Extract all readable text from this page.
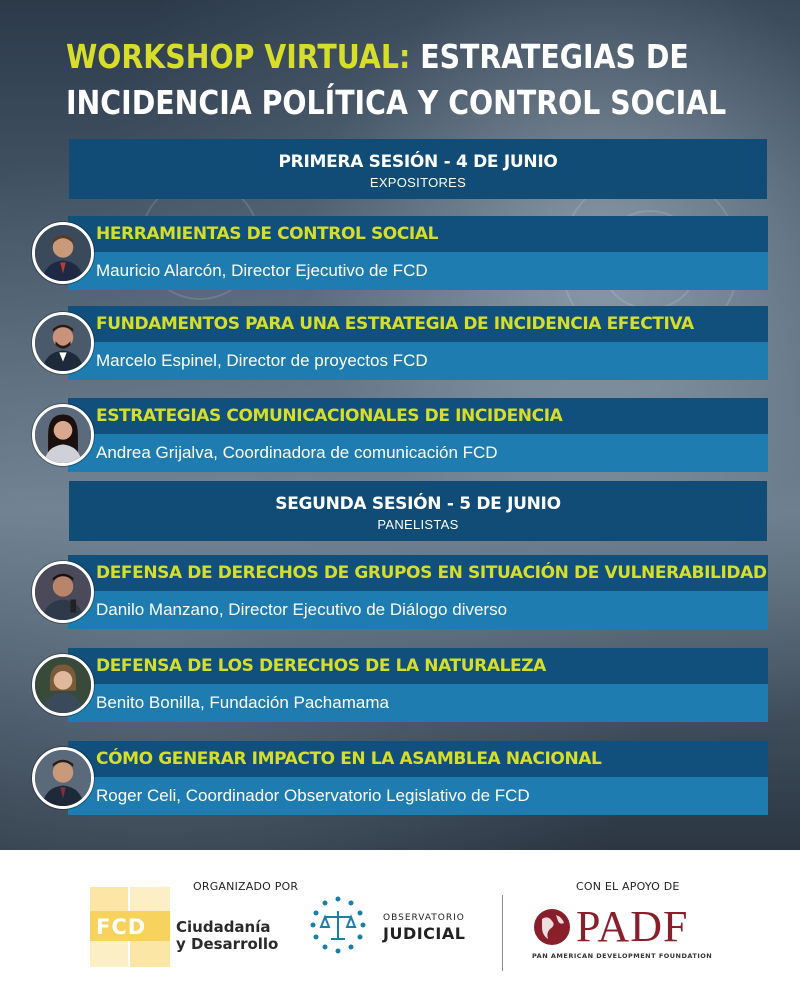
WORKSHOP VIRTUAL: ESTRATEGIAS DE
INCIDENCIA POLÍTICA Y CONTROL SOCIAL
PRIMERA SESIÓN - 4 DE JUNIO
EXPOSITORES
HERRAMIENTAS DE CONTROL SOCIAL
Mauricio Alarcón, Director Ejecutivo de FCD
FUNDAMENTOS PARA UNA ESTRATEGIA DE INCIDENCIA EFECTIVA
Marcelo Espinel, Director de proyectos FCD
ESTRATEGIAS COMUNICACIONALES DE INCIDENCIA
Andrea Grijalva, Coordinadora de comunicación FCD
SEGUNDA SESIÓN - 5 DE JUNIO
PANELISTAS
DEFENSA DE DERECHOS DE GRUPOS EN SITUACIÓN DE VULNERABILIDAD
Danilo Manzano, Director Ejecutivo de Diálogo diverso
DEFENSA DE LOS DERECHOS DE LA NATURALEZA
Benito Bonilla, Fundación Pachamama
CÓMO GENERAR IMPACTO EN LA ASAMBLEA NACIONAL
Roger Celi, Coordinador Observatorio Legislativo de FCD
ORGANIZADO POR	CON EL APOYO DE
FCD Ciudadanía
y Desarrollo
OBSERVATORIO
JUDICIAL	PADF
PAN AMERICAN DEVELOPMENT FOUNDATION
